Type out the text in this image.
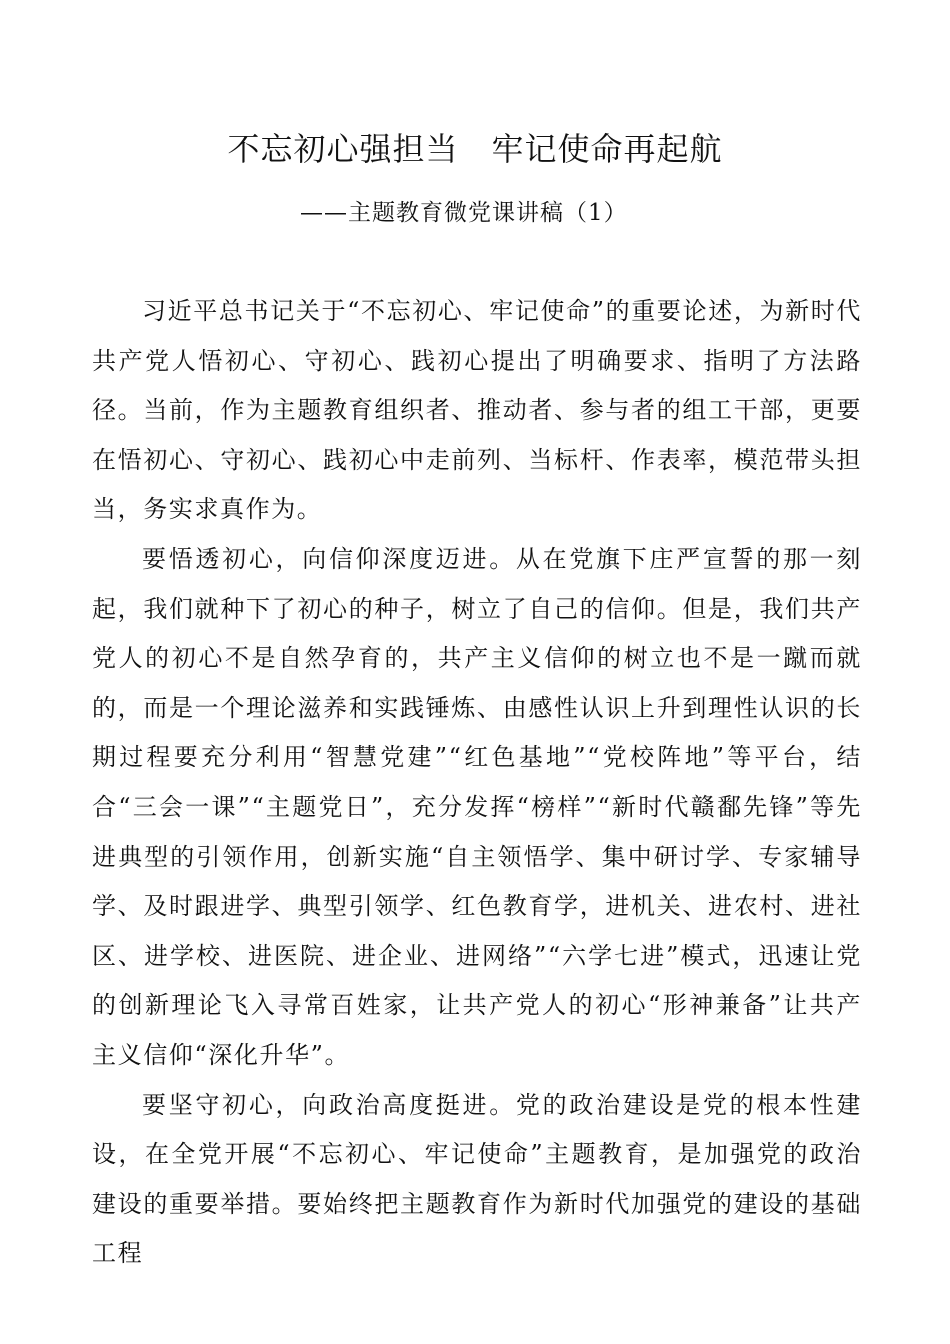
不忘初心强担当　牢记使命再起航
——主题教育微党课讲稿（1）

习近平总书记关于“不忘初心、牢记使命”的重要论述，为新时代共产党人悟初心、守初心、践初心提出了明确要求、指明了方法路径。当前，作为主题教育组织者、推动者、参与者的组工干部，更要在悟初心、守初心、践初心中走前列、当标杆、作表率，模范带头担当，务实求真作为。

要悟透初心，向信仰深度迈进。从在党旗下庄严宣誓的那一刻起，我们就种下了初心的种子，树立了自己的信仰。但是，我们共产党人的初心不是自然孕育的，共产主义信仰的树立也不是一蹴而就的，而是一个理论滋养和实践锤炼、由感性认识上升到理性认识的长期过程要充分利用“智慧党建”“红色基地”“党校阵地”等平台，结合“三会一课”“主题党日”，充分发挥“榜样”“新时代赣鄱先锋”等先进典型的引领作用，创新实施“自主领悟学、集中研讨学、专家辅导学、及时跟进学、典型引领学、红色教育学，进机关、进农村、进社区、进学校、进医院、进企业、进网络”“六学七进”模式，迅速让党的创新理论飞入寻常百姓家，让共产党人的初心“形神兼备”让共产主义信仰“深化升华”。

要坚守初心，向政治高度挺进。党的政治建设是党的根本性建设，在全党开展“不忘初心、牢记使命”主题教育，是加强党的政治建设的重要举措。要始终把主题教育作为新时代加强党的建设的基础工程
